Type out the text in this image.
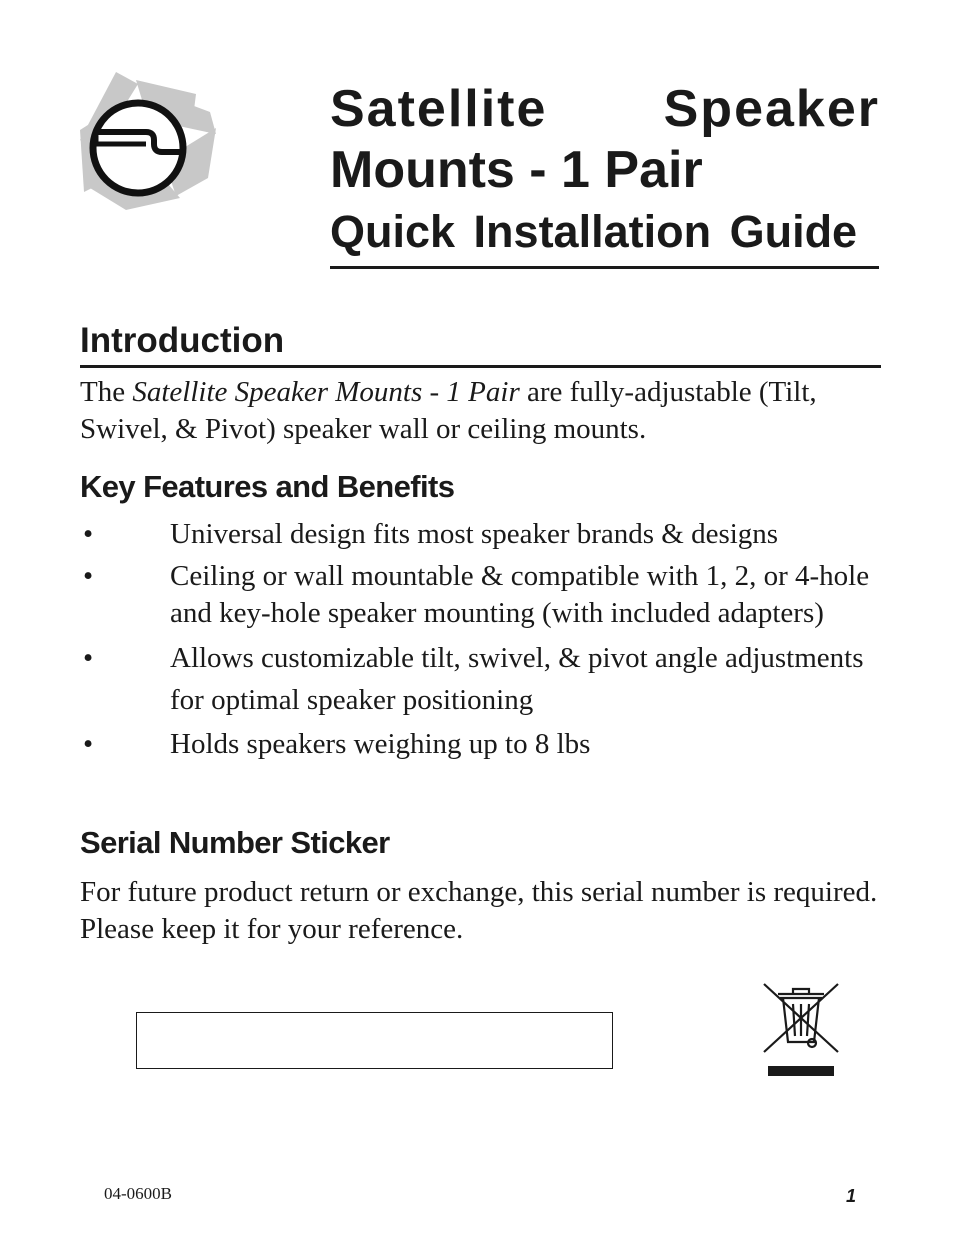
Satellite Speaker
Mounts - 1 Pair
Quick Installation Guide
Introduction
The Satellite Speaker Mounts - 1 Pair are fully-adjustable (Tilt, Swivel, & Pivot) speaker wall or ceiling mounts.
Key Features and Benefits
•	Universal design fits most speaker brands & designs
•	Ceiling or wall mountable & compatible with 1, 2, or 4-hole and key-hole speaker mounting (with included adapters)
•	Allows customizable tilt, swivel, & pivot angle adjustments for optimal speaker positioning
•	Holds speakers weighing up to 8 lbs
Serial Number Sticker
For future product return or exchange, this serial number is required. Please keep it for your reference.
04-0600B	1
